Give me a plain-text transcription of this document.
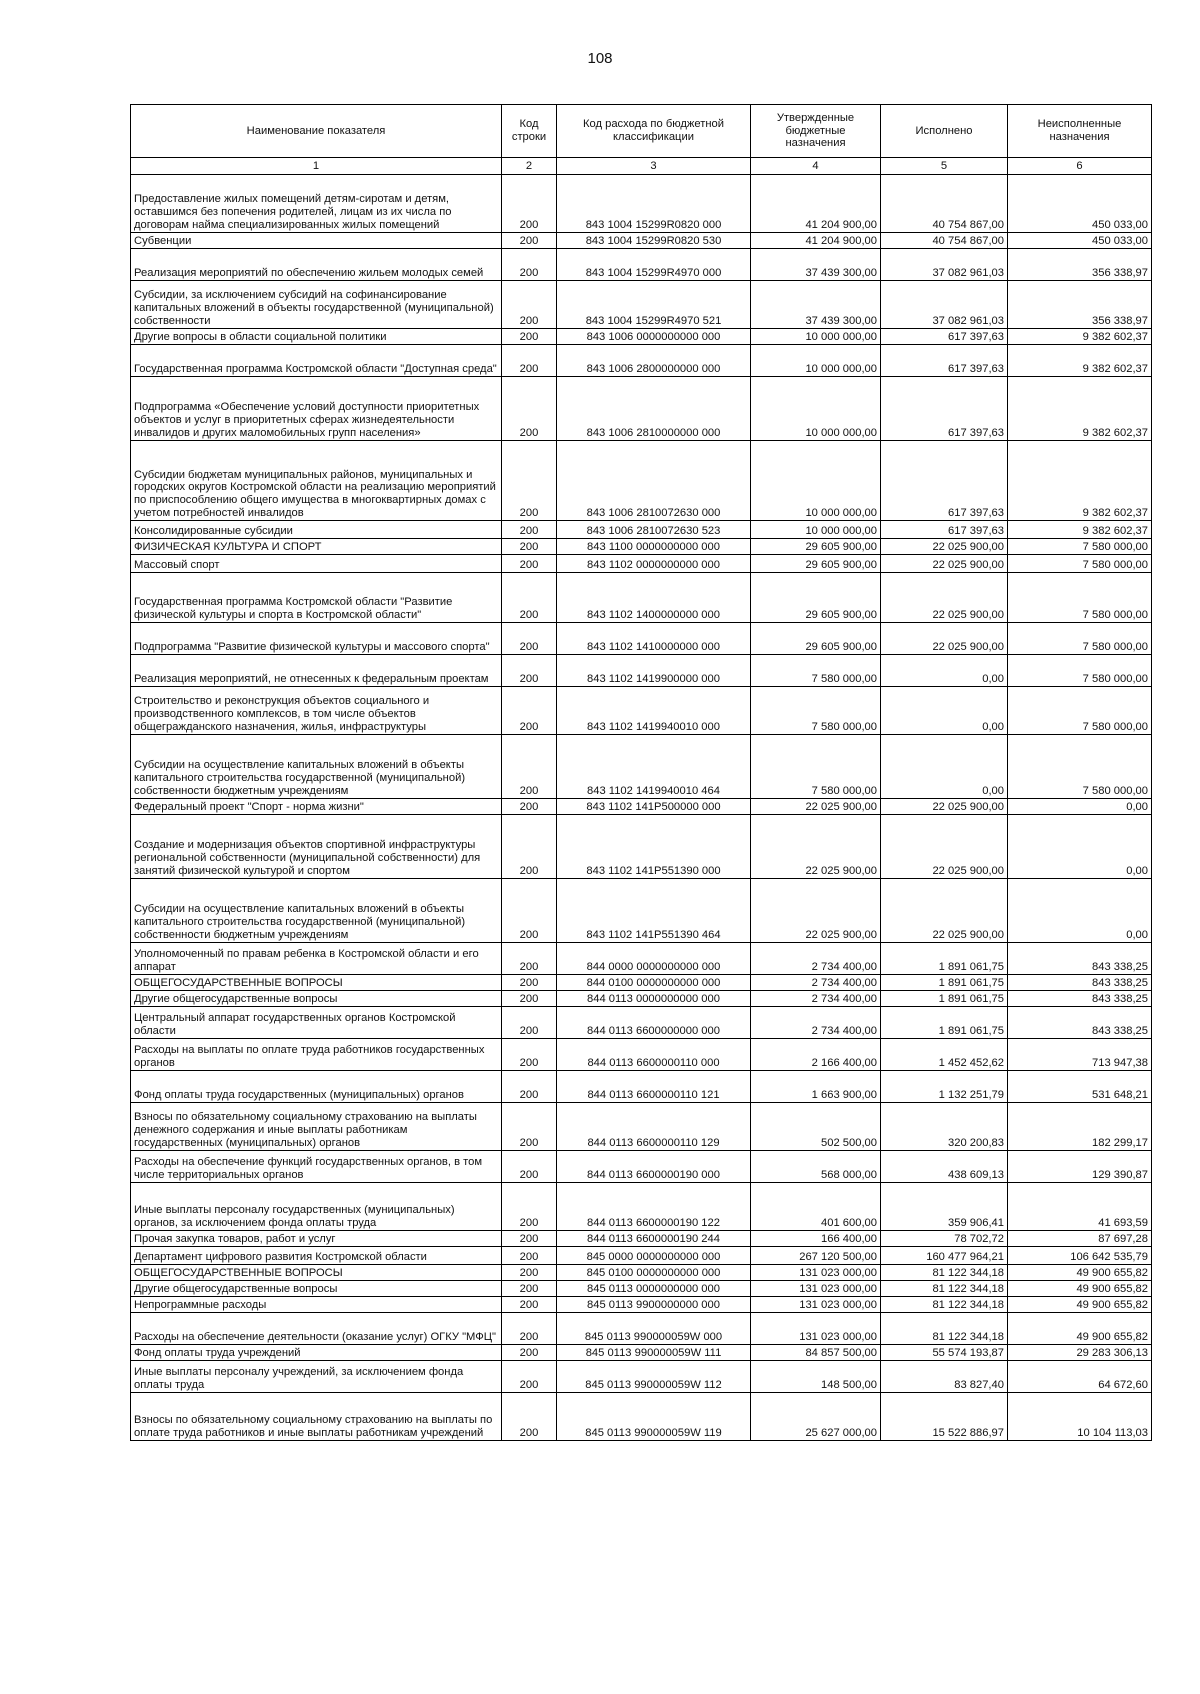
108
Наименование показателя	Код строки	Код расхода по бюджетной классификации	Утвержденные бюджетные назначения	Исполнено	Неисполненные назначения
1	2	3	4	5	6
Предоставление жилых помещений детям-сиротам и детям, оставшимся без попечения родителей, лицам из их числа по договорам найма специализированных жилых помещений	200	843 1004 15299R0820 000	41 204 900,00	40 754 867,00	450 033,00
Субвенции	200	843 1004 15299R0820 530	41 204 900,00	40 754 867,00	450 033,00
Реализация мероприятий по обеспечению жильем молодых семей	200	843 1004 15299R4970 000	37 439 300,00	37 082 961,03	356 338,97
Субсидии, за исключением субсидий на софинансирование капитальных вложений в объекты государственной (муниципальной) собственности	200	843 1004 15299R4970 521	37 439 300,00	37 082 961,03	356 338,97
Другие вопросы в области социальной политики	200	843 1006 0000000000 000	10 000 000,00	617 397,63	9 382 602,37
Государственная программа Костромской области "Доступная среда"	200	843 1006 2800000000 000	10 000 000,00	617 397,63	9 382 602,37
Подпрограмма «Обеспечение условий доступности приоритетных объектов и услуг в приоритетных сферах жизнедеятельности инвалидов и других маломобильных групп населения»	200	843 1006 2810000000 000	10 000 000,00	617 397,63	9 382 602,37
Субсидии бюджетам муниципальных районов, муниципальных и городских округов Костромской области на реализацию мероприятий по приспособлению общего имущества в многоквартирных домах с учетом потребностей инвалидов	200	843 1006 2810072630 000	10 000 000,00	617 397,63	9 382 602,37
Консолидированные субсидии	200	843 1006 2810072630 523	10 000 000,00	617 397,63	9 382 602,37
ФИЗИЧЕСКАЯ КУЛЬТУРА И СПОРТ	200	843 1100 0000000000 000	29 605 900,00	22 025 900,00	7 580 000,00
Массовый спорт	200	843 1102 0000000000 000	29 605 900,00	22 025 900,00	7 580 000,00
Государственная программа Костромской области "Развитие физической культуры и спорта в Костромской области"	200	843 1102 1400000000 000	29 605 900,00	22 025 900,00	7 580 000,00
Подпрограмма "Развитие физической культуры и массового спорта"	200	843 1102 1410000000 000	29 605 900,00	22 025 900,00	7 580 000,00
Реализация мероприятий, не отнесенных к федеральным проектам	200	843 1102 1419900000 000	7 580 000,00	0,00	7 580 000,00
Строительство и реконструкция объектов социального и производственного комплексов, в том числе объектов общегражданского назначения, жилья, инфраструктуры	200	843 1102 1419940010 000	7 580 000,00	0,00	7 580 000,00
Субсидии на осуществление капитальных вложений в объекты капитального строительства государственной (муниципальной) собственности бюджетным учреждениям	200	843 1102 1419940010 464	7 580 000,00	0,00	7 580 000,00
Федеральный проект "Спорт - норма жизни"	200	843 1102 141P500000 000	22 025 900,00	22 025 900,00	0,00
Создание и модернизация объектов спортивной инфраструктуры региональной собственности (муниципальной собственности) для занятий физической культурой и спортом	200	843 1102 141P551390 000	22 025 900,00	22 025 900,00	0,00
Субсидии на осуществление капитальных вложений в объекты капитального строительства государственной (муниципальной) собственности бюджетным учреждениям	200	843 1102 141P551390 464	22 025 900,00	22 025 900,00	0,00
Уполномоченный по правам ребенка в Костромской области и его аппарат	200	844 0000 0000000000 000	2 734 400,00	1 891 061,75	843 338,25
ОБЩЕГОСУДАРСТВЕННЫЕ ВОПРОСЫ	200	844 0100 0000000000 000	2 734 400,00	1 891 061,75	843 338,25
Другие общегосударственные вопросы	200	844 0113 0000000000 000	2 734 400,00	1 891 061,75	843 338,25
Центральный аппарат государственных органов Костромской области	200	844 0113 6600000000 000	2 734 400,00	1 891 061,75	843 338,25
Расходы на выплаты по оплате труда работников государственных органов	200	844 0113 6600000110 000	2 166 400,00	1 452 452,62	713 947,38
Фонд оплаты труда государственных (муниципальных) органов	200	844 0113 6600000110 121	1 663 900,00	1 132 251,79	531 648,21
Взносы по обязательному социальному страхованию на выплаты денежного содержания и иные выплаты работникам государственных (муниципальных) органов	200	844 0113 6600000110 129	502 500,00	320 200,83	182 299,17
Расходы на обеспечение функций государственных органов, в том числе территориальных органов	200	844 0113 6600000190 000	568 000,00	438 609,13	129 390,87
Иные выплаты персоналу государственных (муниципальных) органов, за исключением фонда оплаты труда	200	844 0113 6600000190 122	401 600,00	359 906,41	41 693,59
Прочая закупка товаров, работ и услуг	200	844 0113 6600000190 244	166 400,00	78 702,72	87 697,28
Департамент цифрового развития Костромской области	200	845 0000 0000000000 000	267 120 500,00	160 477 964,21	106 642 535,79
ОБЩЕГОСУДАРСТВЕННЫЕ ВОПРОСЫ	200	845 0100 0000000000 000	131 023 000,00	81 122 344,18	49 900 655,82
Другие общегосударственные вопросы	200	845 0113 0000000000 000	131 023 000,00	81 122 344,18	49 900 655,82
Непрограммные расходы	200	845 0113 9900000000 000	131 023 000,00	81 122 344,18	49 900 655,82
Расходы на обеспечение деятельности (оказание услуг) ОГКУ "МФЦ"	200	845 0113 990000059W 000	131 023 000,00	81 122 344,18	49 900 655,82
Фонд оплаты труда учреждений	200	845 0113 990000059W 111	84 857 500,00	55 574 193,87	29 283 306,13
Иные выплаты персоналу учреждений, за исключением фонда оплаты труда	200	845 0113 990000059W 112	148 500,00	83 827,40	64 672,60
Взносы по обязательному социальному страхованию на выплаты по оплате труда работников и иные выплаты работникам учреждений	200	845 0113 990000059W 119	25 627 000,00	15 522 886,97	10 104 113,03
